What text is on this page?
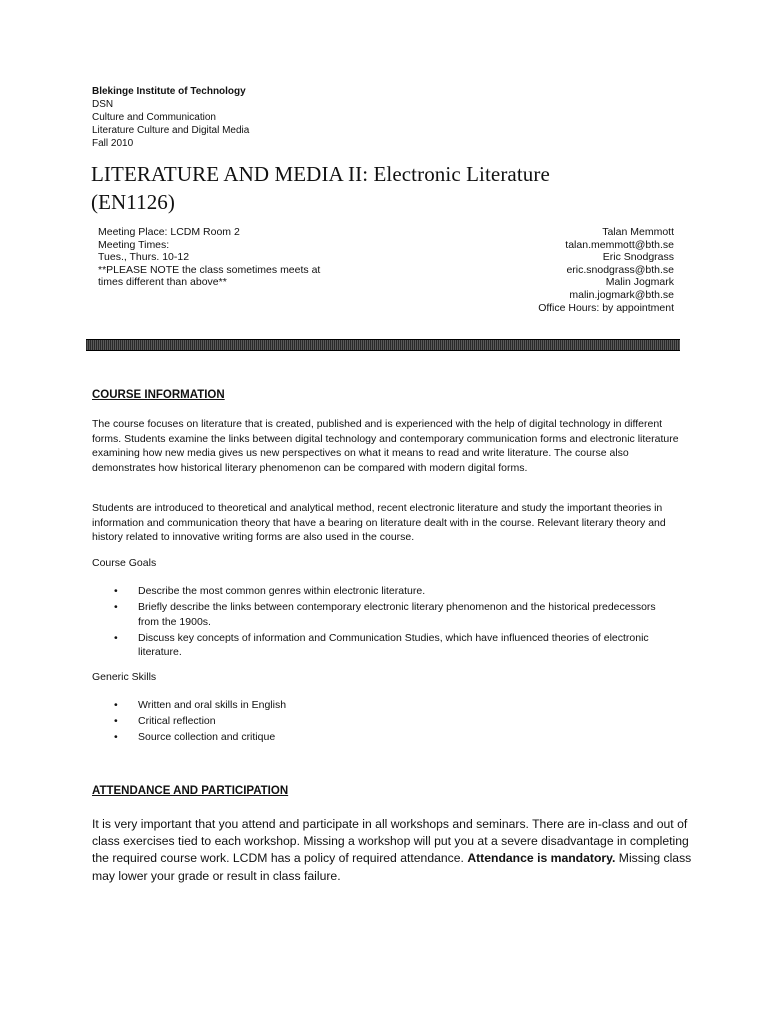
Blekinge Institute of Technology
DSN
Culture and Communication
Literature Culture and Digital Media
Fall 2010
LITERATURE AND MEDIA II: Electronic Literature
(EN1126)
Meeting Place: LCDM Room 2
Meeting Times:
Tues., Thurs. 10-12
**PLEASE NOTE the class sometimes meets at
times different than above**
Talan Memmott
talan.memmott@bth.se
Eric Snodgrass
eric.snodgrass@bth.se
Malin Jogmark
malin.jogmark@bth.se
Office Hours: by appointment
COURSE INFORMATION
The course focuses on literature that is created, published and is experienced with the help of digital technology in different forms. Students examine the links between digital technology and contemporary communication forms and electronic literature examining how new media gives us new perspectives on what it means to read and write literature. The course also demonstrates how historical literary phenomenon can be compared with modern digital forms.
Students are introduced to theoretical and analytical method, recent electronic literature and study the important theories in information and communication theory that have a bearing on literature dealt with in the course. Relevant literary theory and history related to innovative writing forms are also used in the course.
Course Goals
• Describe the most common genres within electronic literature.
• Briefly describe the links between contemporary electronic literary phenomenon and the historical predecessors from the 1900s.
• Discuss key concepts of information and Communication Studies, which have influenced theories of electronic literature.
Generic Skills
• Written and oral skills in English
• Critical reflection
• Source collection and critique
ATTENDANCE AND PARTICIPATION
It is very important that you attend and participate in all workshops and seminars. There are in-class and out of class exercises tied to each workshop. Missing a workshop will put you at a severe disadvantage in completing the required course work. LCDM has a policy of required attendance. Attendance is mandatory. Missing class may lower your grade or result in class failure.
